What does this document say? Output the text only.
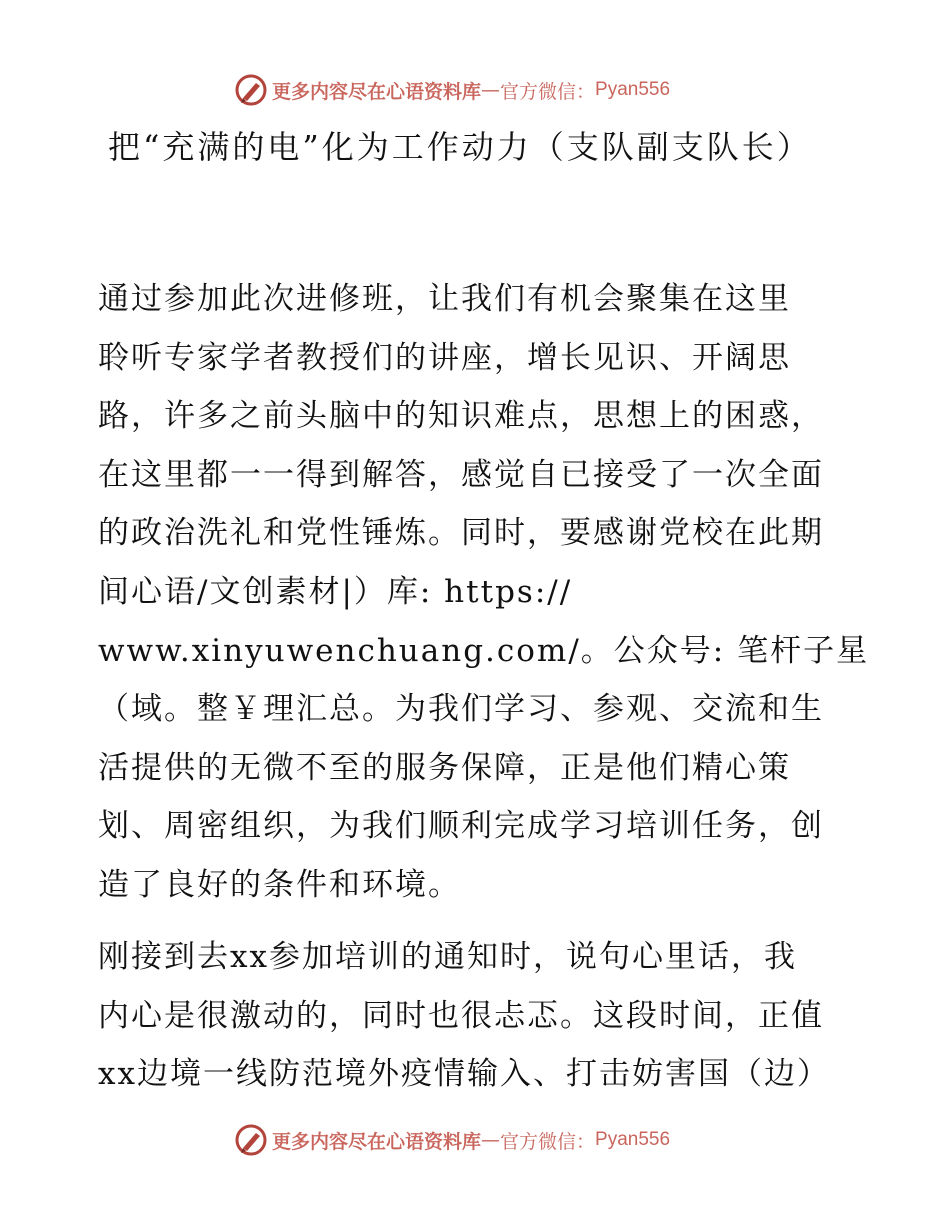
更多内容尽在心语资料库 — 官方微信： Pyan556
把“充满的电”化为工作动力（支队副支队长）
通过参加此次进修班，让我们有机会聚集在这里
聆听专家学者教授们的讲座，增长见识、开阔思
路，许多之前头脑中的知识难点，思想上的困惑，
在这里都一一得到解答，感觉自已接受了一次全面
的政治洗礼和党性锤炼。同时，要感谢党校在此期
间心语/文创素材|）库: https://
www.xinyuwenchuang.com/。公众号: 笔杆子星
（域。整￥理汇总。为我们学习、参观、交流和生
活提供的无微不至的服务保障，正是他们精心策
划、周密组织，为我们顺利完成学习培训任务，创
造了良好的条件和环境。
刚接到去xx参加培训的通知时，说句心里话，我
内心是很激动的，同时也很忐忑。这段时间，正值
xx边境一线防范境外疫情输入、打击妨害国（边）
更多内容尽在心语资料库 — 官方微信： Pyan556
